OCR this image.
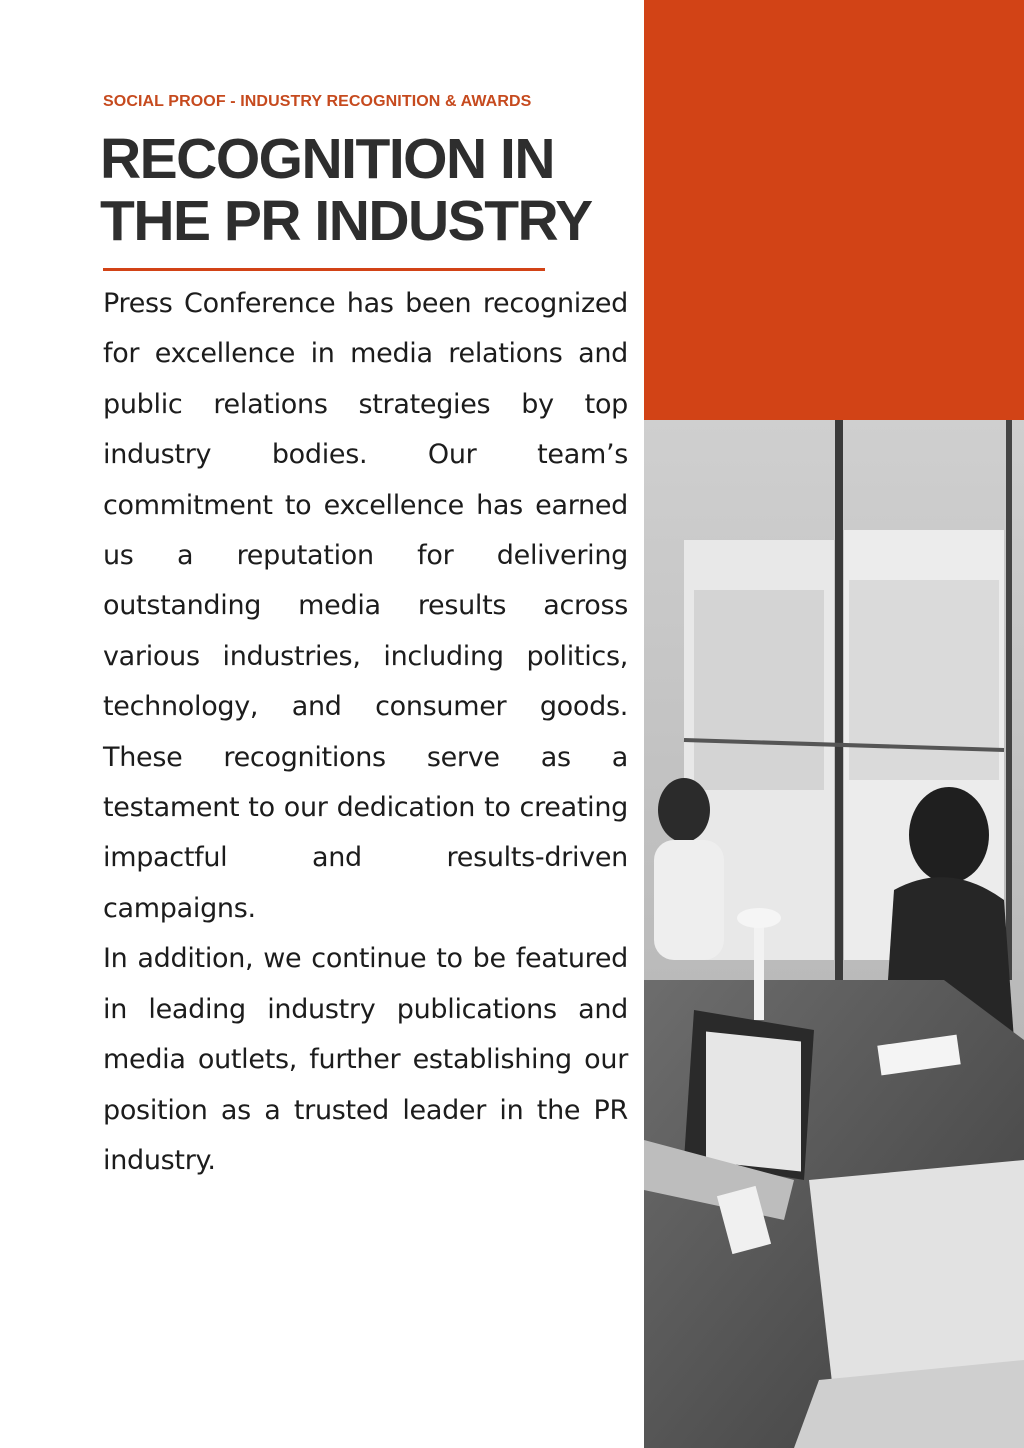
SOCIAL PROOF - INDUSTRY RECOGNITION & AWARDS
RECOGNITION IN
THE PR INDUSTRY

Press Conference has been recognized for excellence in media relations and public relations strategies by top industry bodies. Our team’s commitment to excellence has earned us a reputation for delivering outstanding media results across various industries, including politics, technology, and consumer goods. These recognitions serve as a testament to our dedication to creating impactful and results-driven campaigns.

In addition, we continue to be featured in leading industry publications and media outlets, further establishing our position as a trusted leader in the PR industry.
